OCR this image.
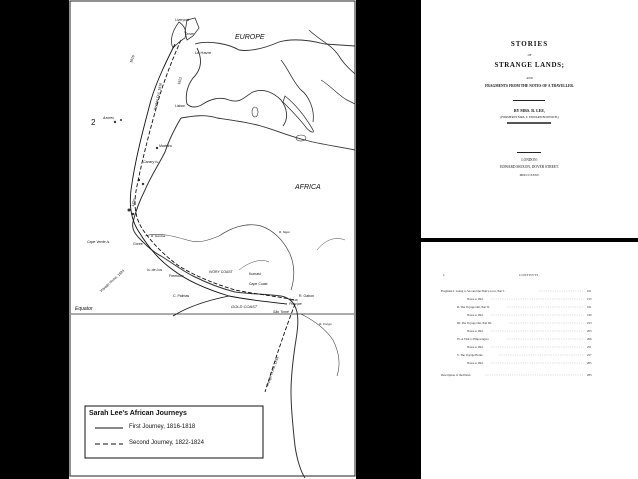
EUROPE
AFRICA
Equator
Liverpool
Dover
Le Havre
Lisbon
Azores
2
Madeira
Canary Is.
Cape Verde Is.	Goree
R. Gambia
Freetown
Is. de Los	IVORY COAST
GOLD COAST
Cape Coast
Kumasi
R. Gabon
São Tomé
Principe
C. Palmas
R. Niger
R. Congo
1816
1822
Voyage Out, 1816
1820
Voyage Home, 1824
Voyage Home, 1818
1818
Sarah Lee's African Journeys
First Journey, 1816-1818
Second Journey, 1822-1824
STORIES
OF
STRANGE LANDS;
AND
FRAGMENTS FROM THE NOTES OF A TRAVELLER.
BY MRS. R. LEE,
(FORMERLY MRS. T. EDWARD BOWDICH,)
LONDON:
EDWARD MOXON, DOVER STREET.
MDCCCXXXV.
x	CONTENTS.
Fragment I. Going to Sea and the Ship's Cove, Part I.	101
Notes to Ibid	155
II. The Voyage Out, Part II.	161
Notes to Ibid	190
III. The Voyage Out, Part III.	193
Notes to Ibid	203
IV. A Visit to Empoongwa	206
Notes to Ibid	251
V. The Voyage Home	257
Notes to Ibid	265
Description of the Plates	283
